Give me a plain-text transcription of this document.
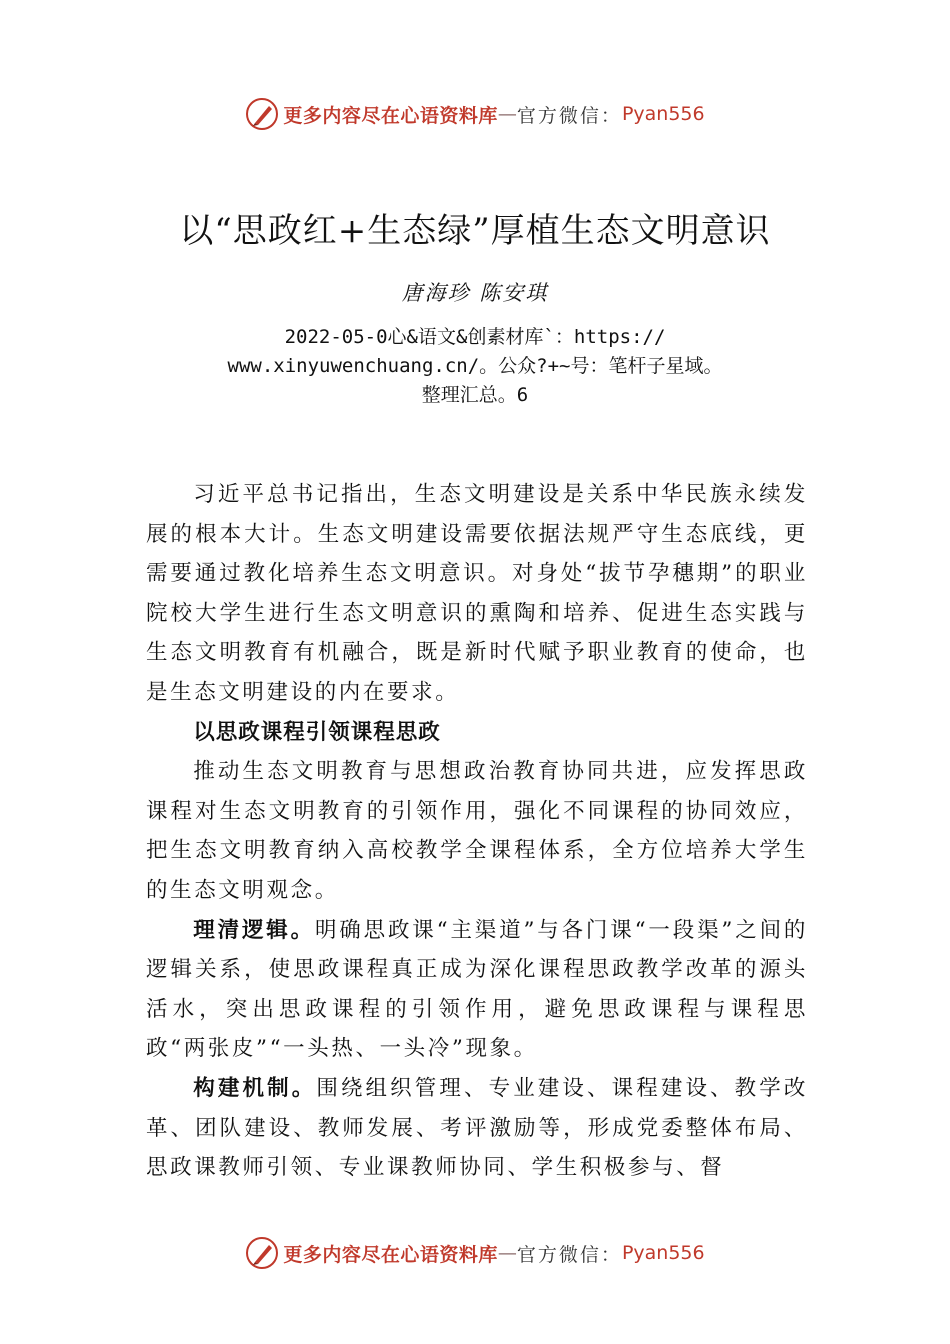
更多内容尽在心语资料库 — 官方微信： Pyan556
以“思政红+生态绿”厚植生态文明意识
唐海珍 陈安琪
2022-05-0心&语文&创素材库`：https://
www.xinyuwenchuang.cn/。公众?+~号：笔杆子星域。
整理汇总。6

习近平总书记指出，生态文明建设是关系中华民族永续发展的根本大计。生态文明建设需要依据法规严守生态底线，更需要通过教化培养生态文明意识。对身处“拔节孕穗期”的职业院校大学生进行生态文明意识的熏陶和培养、促进生态实践与生态文明教育有机融合，既是新时代赋予职业教育的使命，也是生态文明建设的内在要求。

以思政课程引领课程思政

推动生态文明教育与思想政治教育协同共进，应发挥思政课程对生态文明教育的引领作用，强化不同课程的协同效应，把生态文明教育纳入高校教学全课程体系，全方位培养大学生的生态文明观念。

理清逻辑。明确思政课“主渠道”与各门课“一段渠”之间的逻辑关系，使思政课程真正成为深化课程思政教学改革的源头活水，突出思政课程的引领作用，避免思政课程与课程思政“两张皮”“一头热、一头冷”现象。

构建机制。围绕组织管理、专业建设、课程建设、教学改革、团队建设、教师发展、考评激励等，形成党委整体布局、思政课教师引领、专业课教师协同、学生积极参与、督

更多内容尽在心语资料库 — 官方微信： Pyan556
